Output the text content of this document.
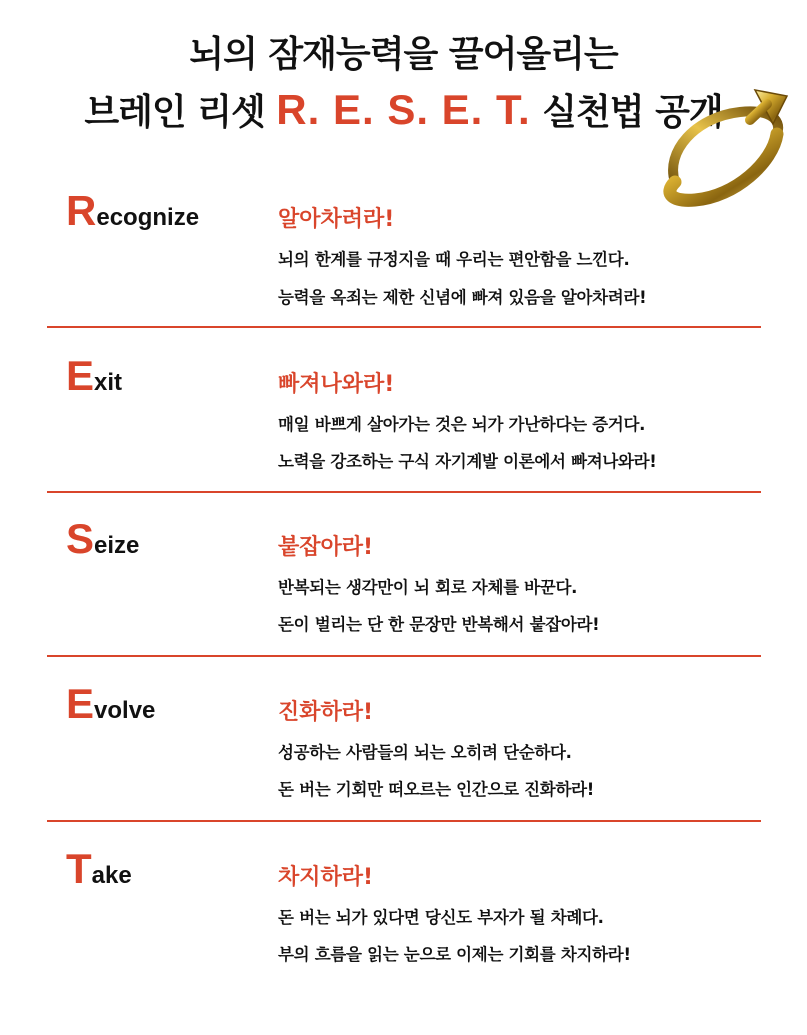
뇌의 잠재능력을 끌어올리는
브레인 리셋 R. E. S. E. T. 실천법 공개
Recognize	알아차려라!
뇌의 한계를 규정지을 때 우리는 편안함을 느낀다.
능력을 옥죄는 제한 신념에 빠져 있음을 알아차려라!
Exit	빠져나와라!
매일 바쁘게 살아가는 것은 뇌가 가난하다는 증거다.
노력을 강조하는 구식 자기계발 이론에서 빠져나와라!
Seize	붙잡아라!
반복되는 생각만이 뇌 회로 자체를 바꾼다.
돈이 벌리는 단 한 문장만 반복해서 붙잡아라!
Evolve	진화하라!
성공하는 사람들의 뇌는 오히려 단순하다.
돈 버는 기회만 떠오르는 인간으로 진화하라!
Take	차지하라!
돈 버는 뇌가 있다면 당신도 부자가 될 차례다.
부의 흐름을 읽는 눈으로 이제는 기회를 차지하라!
